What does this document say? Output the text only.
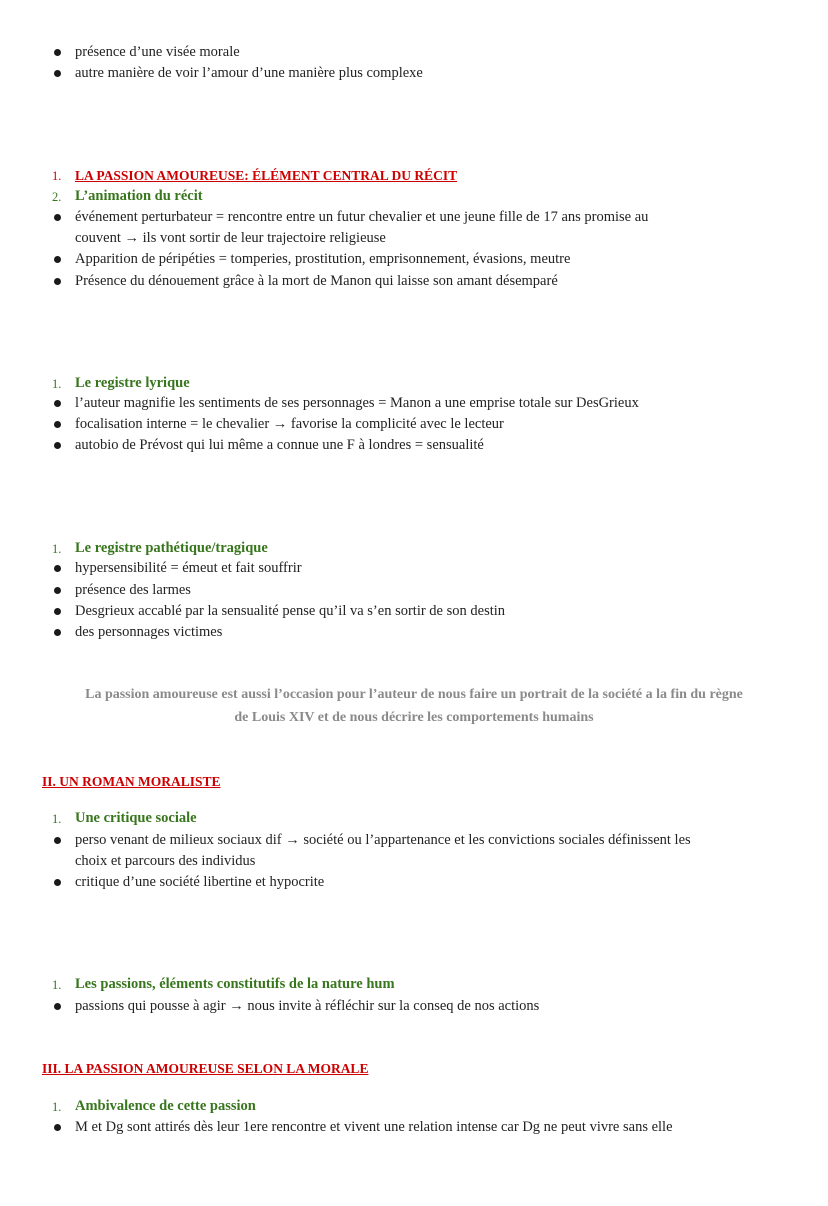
présence d’une visée morale
autre manière de voir l’amour d’une manière plus complexe
1. LA PASSION AMOUREUSE: ÉLÉMENT CENTRAL DU RÉCIT
2. L’animation du récit
événement perturbateur = rencontre entre un futur chevalier et une jeune fille de 17 ans promise au
couvent → ils vont sortir de leur trajectoire religieuse
Apparition de péripéties = tomperies, prostitution, emprisonnement, évasions, meutre
Présence du dénouement grâce à la mort de Manon qui laisse son amant désemparé
1. Le registre lyrique
l’auteur magnifie les sentiments de ses personnages = Manon a une emprise totale sur DesGrieux
focalisation interne = le chevalier → favorise la complicité avec le lecteur
autobio de Prévost qui lui même a connue une F à londres = sensualité
1. Le registre pathétique/tragique
hypersensibilité = émeut et fait souffrir
présence des larmes
Desgrieux accablé par la sensualité pense qu’il va s’en sortir de son destin
des personnages victimes
La passion amoureuse est aussi l’occasion pour l’auteur de nous faire un portrait de la société a la fin du règne
de Louis XIV et de nous décrire les comportements humains
II. UN ROMAN MORALISTE
1. Une critique sociale
perso venant de milieux sociaux dif → société ou l’appartenance et les convictions sociales définissent les
choix et parcours des individus
critique d’une société libertine et hypocrite
1. Les passions, éléments constitutifs de la nature hum
passions qui pousse à agir → nous invite à réfléchir sur la conseq de nos actions
III. LA PASSION AMOUREUSE SELON LA MORALE
1. Ambivalence de cette passion
M et Dg sont attirés dès leur 1ere rencontre et vivent une relation intense car Dg ne peut vivre sans elle
